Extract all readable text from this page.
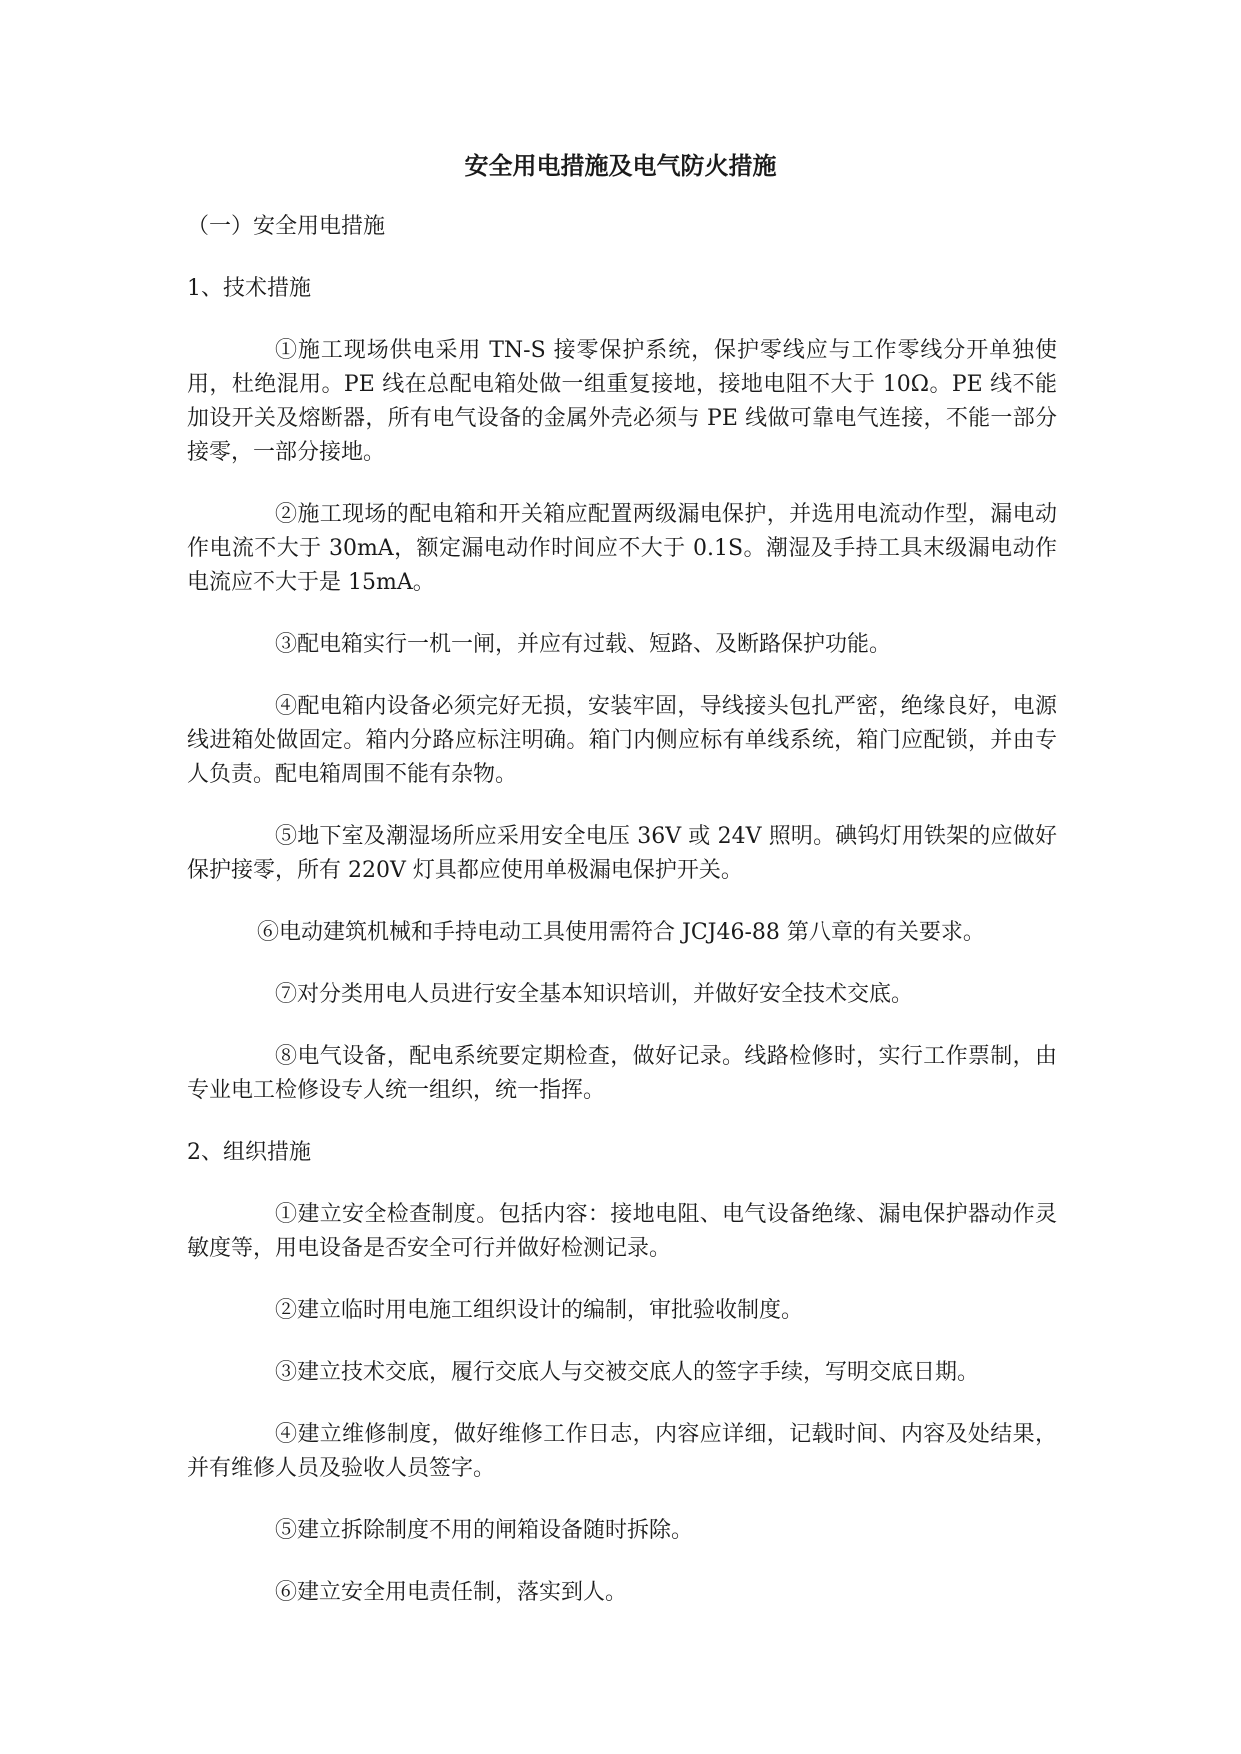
安全用电措施及电气防火措施

（一）安全用电措施

1、技术措施

①施工现场供电采用 TN-S 接零保护系统，保护零线应与工作零线分开单独使用，杜绝混用。PE 线在总配电箱处做一组重复接地，接地电阻不大于 10Ω。PE 线不能加设开关及熔断器，所有电气设备的金属外壳必须与 PE 线做可靠电气连接，不能一部分接零，一部分接地。

②施工现场的配电箱和开关箱应配置两级漏电保护，并选用电流动作型，漏电动作电流不大于 30mA，额定漏电动作时间应不大于 0.1S。潮湿及手持工具末级漏电动作电流应不大于是 15mA。

③配电箱实行一机一闸，并应有过载、短路、及断路保护功能。

④配电箱内设备必须完好无损，安装牢固，导线接头包扎严密，绝缘良好，电源线进箱处做固定。箱内分路应标注明确。箱门内侧应标有单线系统，箱门应配锁，并由专人负责。配电箱周围不能有杂物。

⑤地下室及潮湿场所应采用安全电压 36V 或 24V 照明。碘钨灯用铁架的应做好保护接零，所有 220V 灯具都应使用单极漏电保护开关。

⑥电动建筑机械和手持电动工具使用需符合 JCJ46-88 第八章的有关要求。

⑦对分类用电人员进行安全基本知识培训，并做好安全技术交底。

⑧电气设备，配电系统要定期检查，做好记录。线路检修时，实行工作票制，由专业电工检修设专人统一组织，统一指挥。

2、组织措施

①建立安全检查制度。包括内容：接地电阻、电气设备绝缘、漏电保护器动作灵敏度等，用电设备是否安全可行并做好检测记录。

②建立临时用电施工组织设计的编制，审批验收制度。

③建立技术交底，履行交底人与交被交底人的签字手续，写明交底日期。

④建立维修制度，做好维修工作日志，内容应详细，记载时间、内容及处结果，并有维修人员及验收人员签字。

⑤建立拆除制度不用的闸箱设备随时拆除。

⑥建立安全用电责任制，落实到人。
